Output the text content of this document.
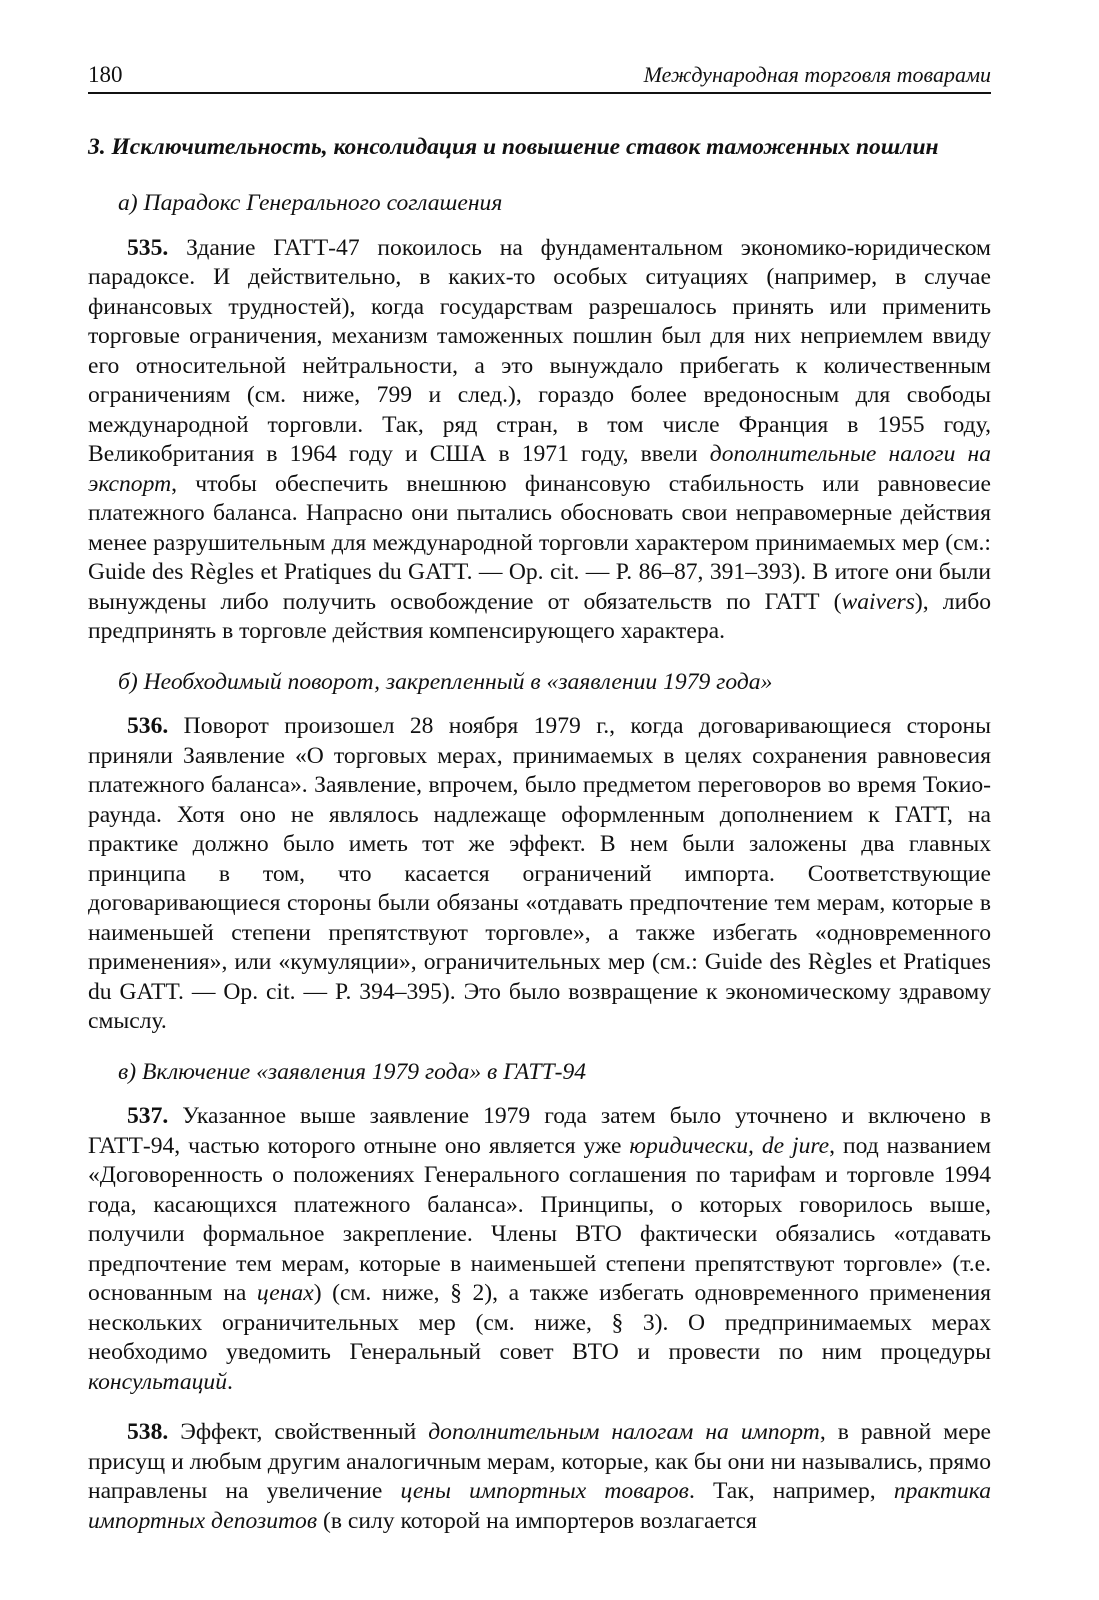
180	Международная торговля товарами

3. Исключительность, консолидация и повышение ставок таможенных пошлин

а) Парадокс Генерального соглашения

535. Здание ГАТТ-47 покоилось на фундаментальном экономико-юридическом парадоксе. И действительно, в каких-то особых ситуациях (например, в случае финансовых трудностей), когда государствам разрешалось принять или применить торговые ограничения, механизм таможенных пошлин был для них неприемлем ввиду его относительной нейтральности, а это вынуждало прибегать к количественным ограничениям (см. ниже, 799 и след.), гораздо более вредоносным для свободы международной торговли. Так, ряд стран, в том числе Франция в 1955 году, Великобритания в 1964 году и США в 1971 году, ввели дополнительные налоги на экспорт, чтобы обеспечить внешнюю финансовую стабильность или равновесие платежного баланса. Напрасно они пытались обосновать свои неправомерные действия менее разрушительным для международной торговли характером принимаемых мер (см.: Guide des Règles et Pratiques du GATT. — Op. cit. — P. 86–87, 391–393). В итоге они были вынуждены либо получить освобождение от обязательств по ГАТТ (waivers), либо предпринять в торговле действия компенсирующего характера.

б) Необходимый поворот, закрепленный в «заявлении 1979 года»

536. Поворот произошел 28 ноября 1979 г., когда договаривающиеся стороны приняли Заявление «О торговых мерах, принимаемых в целях сохранения равновесия платежного баланса». Заявление, впрочем, было предметом переговоров во время Токио-раунда. Хотя оно не являлось надлежаще оформленным дополнением к ГАТТ, на практике должно было иметь тот же эффект. В нем были заложены два главных принципа в том, что касается ограничений импорта. Соответствующие договаривающиеся стороны были обязаны «отдавать предпочтение тем мерам, которые в наименьшей степени препятствуют торговле», а также избегать «одновременного применения», или «кумуляции», ограничительных мер (см.: Guide des Règles et Pratiques du GATT. — Op. cit. — P. 394–395). Это было возвращение к экономическому здравому смыслу.

в) Включение «заявления 1979 года» в ГАТТ-94

537. Указанное выше заявление 1979 года затем было уточнено и включено в ГАТТ-94, частью которого отныне оно является уже юридически, de jure, под названием «Договоренность о положениях Генерального соглашения по тарифам и торговле 1994 года, касающихся платежного баланса». Принципы, о которых говорилось выше, получили формальное закрепление. Члены ВТО фактически обязались «отдавать предпочтение тем мерам, которые в наименьшей степени препятствуют торговле» (т.е. основанным на ценах) (см. ниже, § 2), а также избегать одновременного применения нескольких ограничительных мер (см. ниже, § 3). О предпринимаемых мерах необходимо уведомить Генеральный совет ВТО и провести по ним процедуры консультаций.

538. Эффект, свойственный дополнительным налогам на импорт, в равной мере присущ и любым другим аналогичным мерам, которые, как бы они ни назывались, прямо направлены на увеличение цены импортных товаров. Так, например, практика импортных депозитов (в силу которой на импортеров возлагается
